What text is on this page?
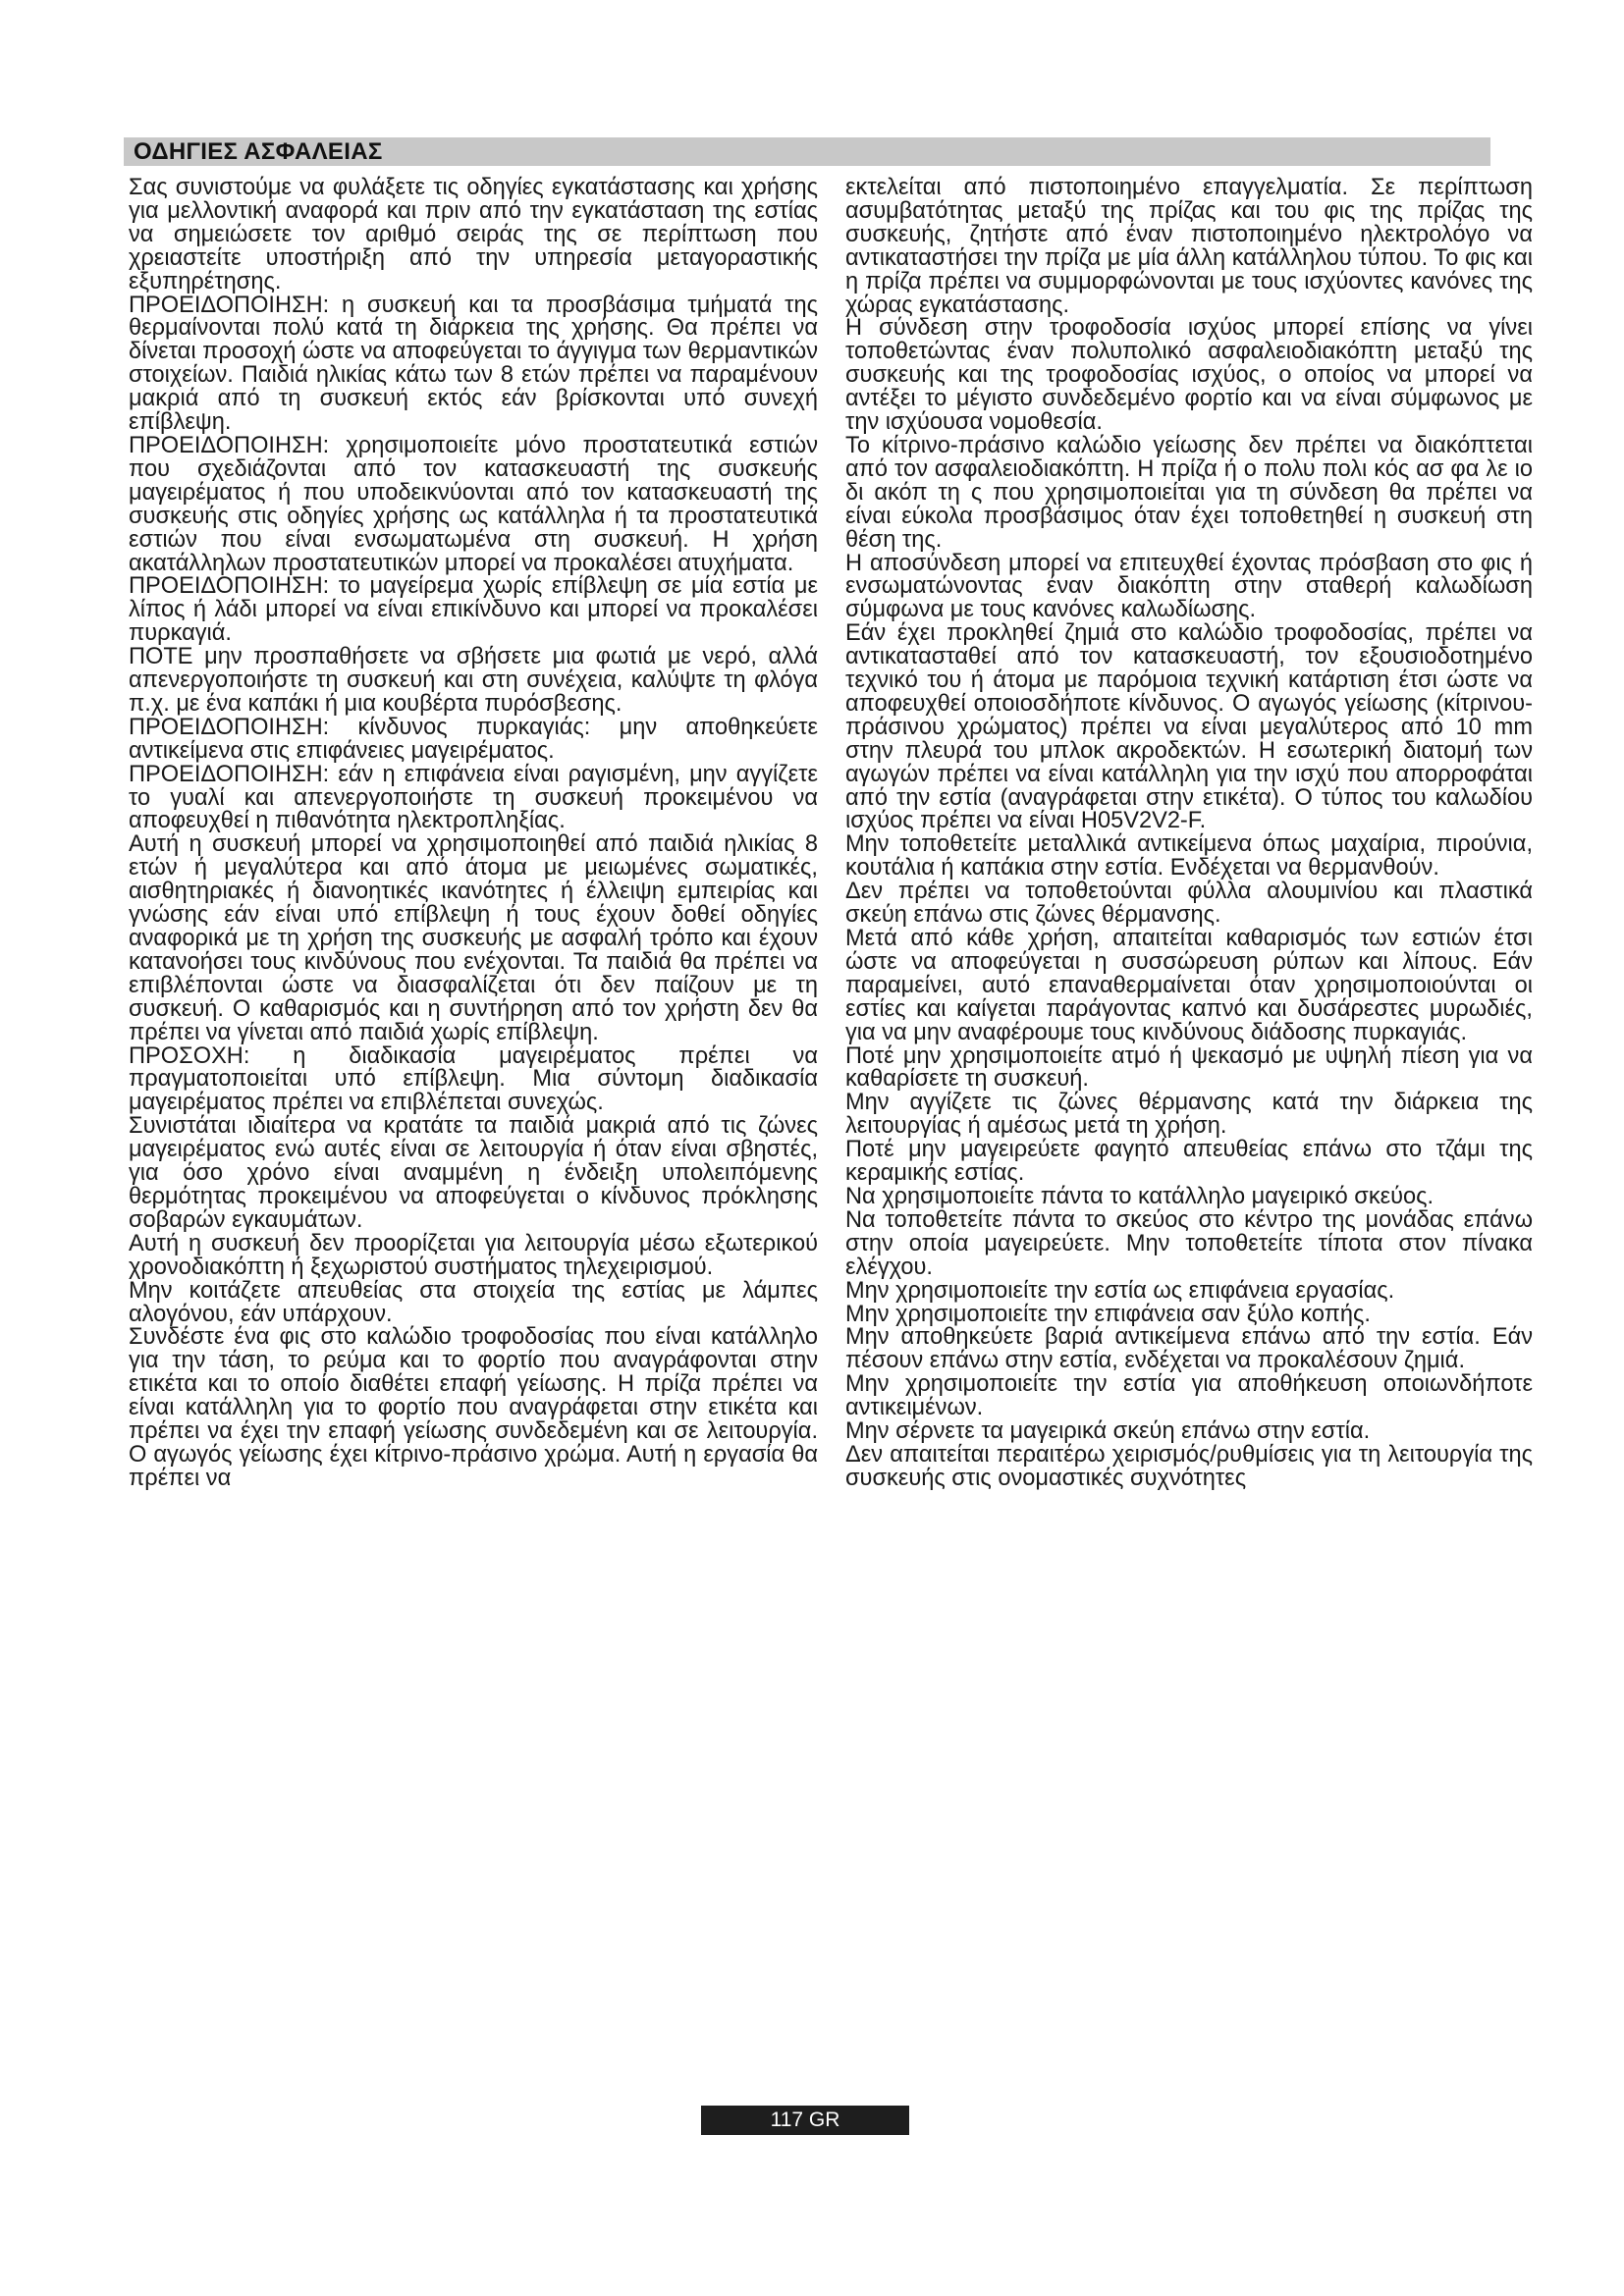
ΟΔΗΓΙΕΣ ΑΣΦΑΛΕΙΑΣ

Σας συνιστούμε να φυλάξετε τις οδηγίες εγκατάστασης και χρήσης για μελλοντική αναφορά και πριν από την εγκατάσταση της εστίας να σημειώσετε τον αριθμό σειράς της σε περίπτωση που χρειαστείτε υποστήριξη από την υπηρεσία μεταγοραστικής εξυπηρέτησης.

ΠΡΟΕΙΔΟΠΟΙΗΣΗ: η συσκευή και τα προσβάσιμα τμήματά της θερμαίνονται πολύ κατά τη διάρκεια της χρήσης. Θα πρέπει να δίνεται προσοχή ώστε να αποφεύγεται το άγγιγμα των θερμαντικών στοιχείων. Παιδιά ηλικίας κάτω των 8 ετών πρέπει να παραμένουν μακριά από τη συσκευή εκτός εάν βρίσκονται υπό συνεχή επίβλεψη.

ΠΡΟΕΙΔΟΠΟΙΗΣΗ: χρησιμοποιείτε μόνο προστατευτικά εστιών που σχεδιάζονται από τον κατασκευαστή της συσκευής μαγειρέματος ή που υποδεικνύονται από τον κατασκευαστή της συσκευής στις οδηγίες χρήσης ως κατάλληλα ή τα προστατευτικά εστιών που είναι ενσωματωμένα στη συσκευή. Η χρήση ακατάλληλων προστατευτικών μπορεί να προκαλέσει ατυχήματα.

ΠΡΟΕΙΔΟΠΟΙΗΣΗ: το μαγείρεμα χωρίς επίβλεψη σε μία εστία με λίπος ή λάδι μπορεί να είναι επικίνδυνο και μπορεί να προκαλέσει πυρκαγιά.

ΠΟΤΕ μην προσπαθήσετε να σβήσετε μια φωτιά με νερό, αλλά απενεργοποιήστε τη συσκευή και στη συνέχεια, καλύψτε τη φλόγα π.χ. με ένα καπάκι ή μια κουβέρτα πυρόσβεσης.

ΠΡΟΕΙΔΟΠΟΙΗΣΗ: κίνδυνος πυρκαγιάς: μην αποθηκεύετε αντικείμενα στις επιφάνειες μαγειρέματος.

ΠΡΟΕΙΔΟΠΟΙΗΣΗ: εάν η επιφάνεια είναι ραγισμένη, μην αγγίζετε το γυαλί και απενεργοποιήστε τη συσκευή προκειμένου να αποφευχθεί η πιθανότητα ηλεκτροπληξίας.

Αυτή η συσκευή μπορεί να χρησιμοποιηθεί από παιδιά ηλικίας 8 ετών ή μεγαλύτερα και από άτομα με μειωμένες σωματικές, αισθητηριακές ή διανοητικές ικανότητες ή έλλειψη εμπειρίας και γνώσης εάν είναι υπό επίβλεψη ή τους έχουν δοθεί οδηγίες αναφορικά με τη χρήση της συσκευής με ασφαλή τρόπο και έχουν κατανοήσει τους κινδύνους που ενέχονται. Τα παιδιά θα πρέπει να επιβλέπονται ώστε να διασφαλίζεται ότι δεν παίζουν με τη συσκευή. Ο καθαρισμός και η συντήρηση από τον χρήστη δεν θα πρέπει να γίνεται από παιδιά χωρίς επίβλεψη.

ΠΡΟΣΟΧΗ: η διαδικασία μαγειρέματος πρέπει να πραγματοποιείται υπό επίβλεψη. Μια σύντομη διαδικασία μαγειρέματος πρέπει να επιβλέπεται συνεχώς.

Συνιστάται ιδιαίτερα να κρατάτε τα παιδιά μακριά από τις ζώνες μαγειρέματος ενώ αυτές είναι σε λειτουργία ή όταν είναι σβηστές, για όσο χρόνο είναι αναμμένη η ένδειξη υπολειπόμενης θερμότητας προκειμένου να αποφεύγεται ο κίνδυνος πρόκλησης σοβαρών εγκαυμάτων.

Αυτή η συσκευή δεν προορίζεται για λειτουργία μέσω εξωτερικού χρονοδιακόπτη ή ξεχωριστού συστήματος τηλεχειρισμού.

Μην κοιτάζετε απευθείας στα στοιχεία της εστίας με λάμπες αλογόνου, εάν υπάρχουν.

Συνδέστε ένα φις στο καλώδιο τροφοδοσίας που είναι κατάλληλο για την τάση, το ρεύμα και το φορτίο που αναγράφονται στην ετικέτα και το οποίο διαθέτει επαφή γείωσης. Η πρίζα πρέπει να είναι κατάλληλη για το φορτίο που αναγράφεται στην ετικέτα και πρέπει να έχει την επαφή γείωσης συνδεδεμένη και σε λειτουργία. Ο αγωγός γείωσης έχει κίτρινο-πράσινο χρώμα. Αυτή η εργασία θα πρέπει να

εκτελείται από πιστοποιημένο επαγγελματία. Σε περίπτωση ασυμβατότητας μεταξύ της πρίζας και του φις της πρίζας της συσκευής, ζητήστε από έναν πιστοποιημένο ηλεκτρολόγο να αντικαταστήσει την πρίζα με μία άλλη κατάλληλου τύπου. Το φις και η πρίζα πρέπει να συμμορφώνονται με τους ισχύοντες κανόνες της χώρας εγκατάστασης.

Η σύνδεση στην τροφοδοσία ισχύος μπορεί επίσης να γίνει τοποθετώντας έναν πολυπολικό ασφαλειοδιακόπτη μεταξύ της συσκευής και της τροφοδοσίας ισχύος, ο οποίος να μπορεί να αντέξει το μέγιστο συνδεδεμένο φορτίο και να είναι σύμφωνος με την ισχύουσα νομοθεσία.

Το κίτρινο-πράσινο καλώδιο γείωσης δεν πρέπει να διακόπτεται από τον ασφαλειοδιακόπτη. Η πρίζα ή ο πολυ πολι κός ασ φα λε ιο δι ακόπ τη ς που χρησιμοποιείται για τη σύνδεση θα πρέπει να είναι εύκολα προσβάσιμος όταν έχει τοποθετηθεί η συσκευή στη θέση της.

Η αποσύνδεση μπορεί να επιτευχθεί έχοντας πρόσβαση στο φις ή ενσωματώνοντας έναν διακόπτη στην σταθερή καλωδίωση σύμφωνα με τους κανόνες καλωδίωσης.

Εάν έχει προκληθεί ζημιά στο καλώδιο τροφοδοσίας, πρέπει να αντικατασταθεί από τον κατασκευαστή, τον εξουσιοδοτημένο τεχνικό του ή άτομα με παρόμοια τεχνική κατάρτιση έτσι ώστε να αποφευχθεί οποιοσδήποτε κίνδυνος. Ο αγωγός γείωσης (κίτρινου-πράσινου χρώματος) πρέπει να είναι μεγαλύτερος από 10 mm στην πλευρά του μπλοκ ακροδεκτών. Η εσωτερική διατομή των αγωγών πρέπει να είναι κατάλληλη για την ισχύ που απορροφάται από την εστία (αναγράφεται στην ετικέτα). Ο τύπος του καλωδίου ισχύος πρέπει να είναι H05V2V2-F.

Μην τοποθετείτε μεταλλικά αντικείμενα όπως μαχαίρια, πιρούνια, κουτάλια ή καπάκια στην εστία. Ενδέχεται να θερμανθούν.

Δεν πρέπει να τοποθετούνται φύλλα αλουμινίου και πλαστικά σκεύη επάνω στις ζώνες θέρμανσης.

Μετά από κάθε χρήση, απαιτείται καθαρισμός των εστιών έτσι ώστε να αποφεύγεται η συσσώρευση ρύπων και λίπους. Εάν παραμείνει, αυτό επαναθερμαίνεται όταν χρησιμοποιούνται οι εστίες και καίγεται παράγοντας καπνό και δυσάρεστες μυρωδιές, για να μην αναφέρουμε τους κινδύνους διάδοσης πυρκαγιάς.

Ποτέ μην χρησιμοποιείτε ατμό ή ψεκασμό με υψηλή πίεση για να καθαρίσετε τη συσκευή.

Μην αγγίζετε τις ζώνες θέρμανσης κατά την διάρκεια της λειτουργίας ή αμέσως μετά τη χρήση.

Ποτέ μην μαγειρεύετε φαγητό απευθείας επάνω στο τζάμι της κεραμικής εστίας.

Να χρησιμοποιείτε πάντα το κατάλληλο μαγειρικό σκεύος.

Να τοποθετείτε πάντα το σκεύος στο κέντρο της μονάδας επάνω στην οποία μαγειρεύετε. Μην τοποθετείτε τίποτα στον πίνακα ελέγχου.

Μην χρησιμοποιείτε την εστία ως επιφάνεια εργασίας.

Μην χρησιμοποιείτε την επιφάνεια σαν ξύλο κοπής.

Μην αποθηκεύετε βαριά αντικείμενα επάνω από την εστία. Εάν πέσουν επάνω στην εστία, ενδέχεται να προκαλέσουν ζημιά.

Μην χρησιμοποιείτε την εστία για αποθήκευση οποιωνδήποτε αντικειμένων.

Μην σέρνετε τα μαγειρικά σκεύη επάνω στην εστία.

Δεν απαιτείται περαιτέρω χειρισμός/ρυθμίσεις για τη λειτουργία της συσκευής στις ονομαστικές συχνότητες

117 GR
